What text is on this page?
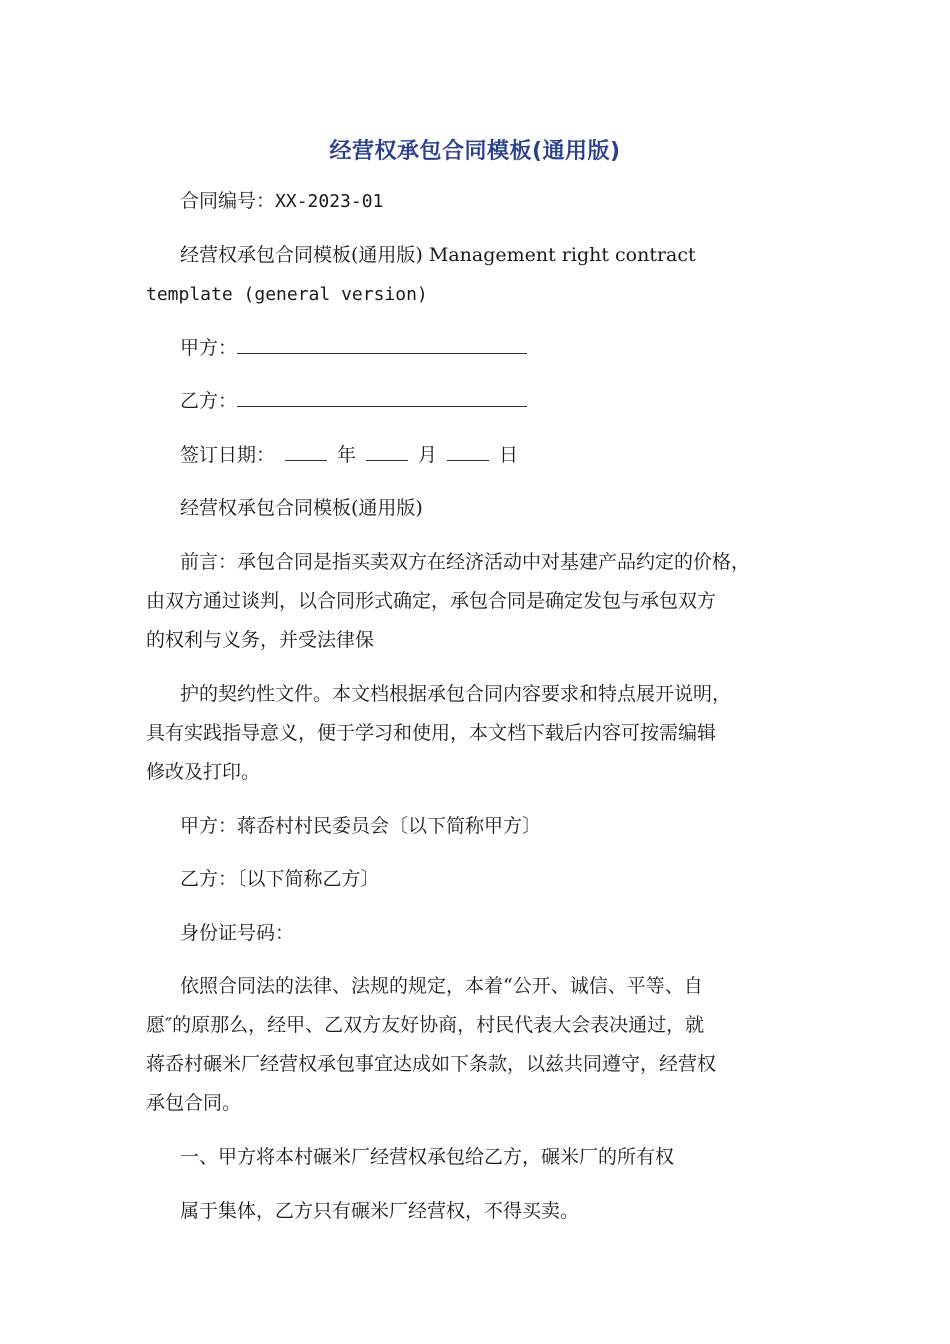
经营权承包合同模板(通用版)
合同编号：XX-2023-01
经营权承包合同模板(通用版) Management right contract
template (general version)
甲方：
乙方：
签订日期：	年	月	日
经营权承包合同模板(通用版)
前言：承包合同是指买卖双方在经济活动中对基建产品约定的价格，
由双方通过谈判，以合同形式确定，承包合同是确定发包与承包双方
的权利与义务，并受法律保
护的契约性文件。本文档根据承包合同内容要求和特点展开说明，
具有实践指导意义，便于学习和使用，本文档下载后内容可按需编辑
修改及打印。
甲方：蒋岙村村民委员会〔以下简称甲方〕
乙方：〔以下简称乙方〕
身份证号码：
依照合同法的法律、法规的规定，本着“公开、诚信、平等、自
愿″的原那么，经甲、乙双方友好协商，村民代表大会表决通过，就
蒋岙村碾米厂经营权承包事宜达成如下条款，以兹共同遵守，经营权
承包合同。
一、甲方将本村碾米厂经营权承包给乙方，碾米厂的所有权
属于集体，乙方只有碾米厂经营权，不得买卖。
